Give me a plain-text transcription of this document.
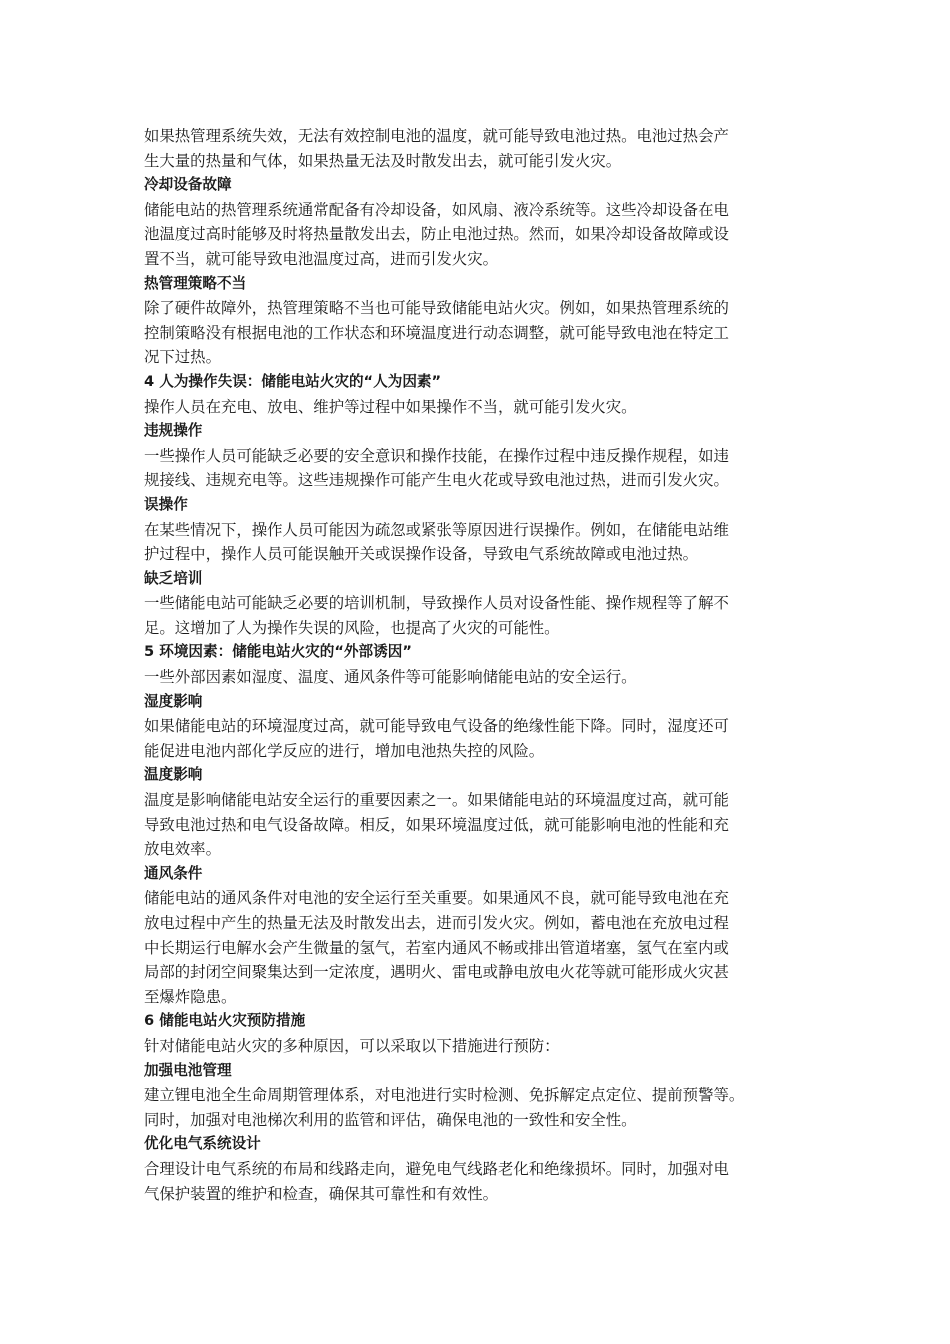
如果热管理系统失效，无法有效控制电池的温度，就可能导致电池过热。电池过热会产
生大量的热量和气体，如果热量无法及时散发出去，就可能引发火灾。
冷却设备故障
储能电站的热管理系统通常配备有冷却设备，如风扇、液冷系统等。这些冷却设备在电
池温度过高时能够及时将热量散发出去，防止电池过热。然而，如果冷却设备故障或设
置不当，就可能导致电池温度过高，进而引发火灾。
热管理策略不当
除了硬件故障外，热管理策略不当也可能导致储能电站火灾。例如，如果热管理系统的
控制策略没有根据电池的工作状态和环境温度进行动态调整，就可能导致电池在特定工
况下过热。
4 人为操作失误：储能电站火灾的“人为因素”
操作人员在充电、放电、维护等过程中如果操作不当，就可能引发火灾。
违规操作
一些操作人员可能缺乏必要的安全意识和操作技能，在操作过程中违反操作规程，如违
规接线、违规充电等。这些违规操作可能产生电火花或导致电池过热，进而引发火灾。
误操作
在某些情况下，操作人员可能因为疏忽或紧张等原因进行误操作。例如，在储能电站维
护过程中，操作人员可能误触开关或误操作设备，导致电气系统故障或电池过热。
缺乏培训
一些储能电站可能缺乏必要的培训机制，导致操作人员对设备性能、操作规程等了解不
足。这增加了人为操作失误的风险，也提高了火灾的可能性。
5 环境因素：储能电站火灾的“外部诱因”
一些外部因素如湿度、温度、通风条件等可能影响储能电站的安全运行。
湿度影响
如果储能电站的环境湿度过高，就可能导致电气设备的绝缘性能下降。同时，湿度还可
能促进电池内部化学反应的进行，增加电池热失控的风险。
温度影响
温度是影响储能电站安全运行的重要因素之一。如果储能电站的环境温度过高，就可能
导致电池过热和电气设备故障。相反，如果环境温度过低，就可能影响电池的性能和充
放电效率。
通风条件
储能电站的通风条件对电池的安全运行至关重要。如果通风不良，就可能导致电池在充
放电过程中产生的热量无法及时散发出去，进而引发火灾。例如，蓄电池在充放电过程
中长期运行电解水会产生微量的氢气，若室内通风不畅或排出管道堵塞，氢气在室内或
局部的封闭空间聚集达到一定浓度，遇明火、雷电或静电放电火花等就可能形成火灾甚
至爆炸隐患。
6 储能电站火灾预防措施
针对储能电站火灾的多种原因，可以采取以下措施进行预防：
加强电池管理
建立锂电池全生命周期管理体系，对电池进行实时检测、免拆解定点定位、提前预警等。
同时，加强对电池梯次利用的监管和评估，确保电池的一致性和安全性。
优化电气系统设计
合理设计电气系统的布局和线路走向，避免电气线路老化和绝缘损坏。同时，加强对电
气保护装置的维护和检查，确保其可靠性和有效性。
